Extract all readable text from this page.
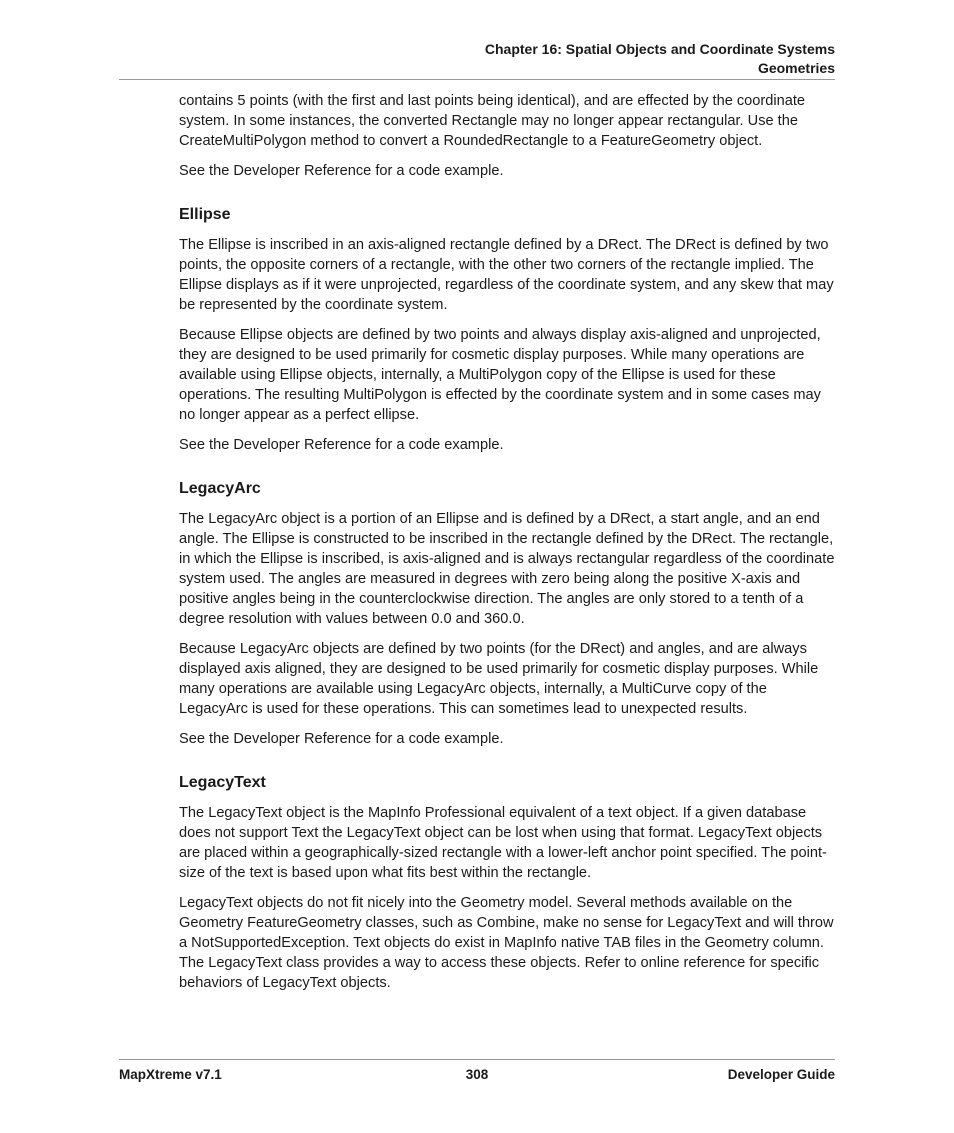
Chapter 16: Spatial Objects and Coordinate Systems
Geometries

contains 5 points (with the first and last points being identical), and are effected by the coordinate system. In some instances, the converted Rectangle may no longer appear rectangular. Use the CreateMultiPolygon method to convert a RoundedRectangle to a FeatureGeometry object.

See the Developer Reference for a code example.

Ellipse

The Ellipse is inscribed in an axis-aligned rectangle defined by a DRect. The DRect is defined by two points, the opposite corners of a rectangle, with the other two corners of the rectangle implied. The Ellipse displays as if it were unprojected, regardless of the coordinate system, and any skew that may be represented by the coordinate system.

Because Ellipse objects are defined by two points and always display axis-aligned and unprojected, they are designed to be used primarily for cosmetic display purposes. While many operations are available using Ellipse objects, internally, a MultiPolygon copy of the Ellipse is used for these operations. The resulting MultiPolygon is effected by the coordinate system and in some cases may no longer appear as a perfect ellipse.

See the Developer Reference for a code example.

LegacyArc

The LegacyArc object is a portion of an Ellipse and is defined by a DRect, a start angle, and an end angle. The Ellipse is constructed to be inscribed in the rectangle defined by the DRect. The rectangle, in which the Ellipse is inscribed, is axis-aligned and is always rectangular regardless of the coordinate system used. The angles are measured in degrees with zero being along the positive X-axis and positive angles being in the counterclockwise direction. The angles are only stored to a tenth of a degree resolution with values between 0.0 and 360.0.

Because LegacyArc objects are defined by two points (for the DRect) and angles, and are always displayed axis aligned, they are designed to be used primarily for cosmetic display purposes. While many operations are available using LegacyArc objects, internally, a MultiCurve copy of the LegacyArc is used for these operations. This can sometimes lead to unexpected results.

See the Developer Reference for a code example.

LegacyText

The LegacyText object is the MapInfo Professional equivalent of a text object. If a given database does not support Text the LegacyText object can be lost when using that format. LegacyText objects are placed within a geographically-sized rectangle with a lower-left anchor point specified. The point-size of the text is based upon what fits best within the rectangle.

LegacyText objects do not fit nicely into the Geometry model. Several methods available on the Geometry FeatureGeometry classes, such as Combine, make no sense for LegacyText and will throw a NotSupportedException. Text objects do exist in MapInfo native TAB files in the Geometry column. The LegacyText class provides a way to access these objects. Refer to online reference for specific behaviors of LegacyText objects.

MapXtreme v7.1	308	Developer Guide
